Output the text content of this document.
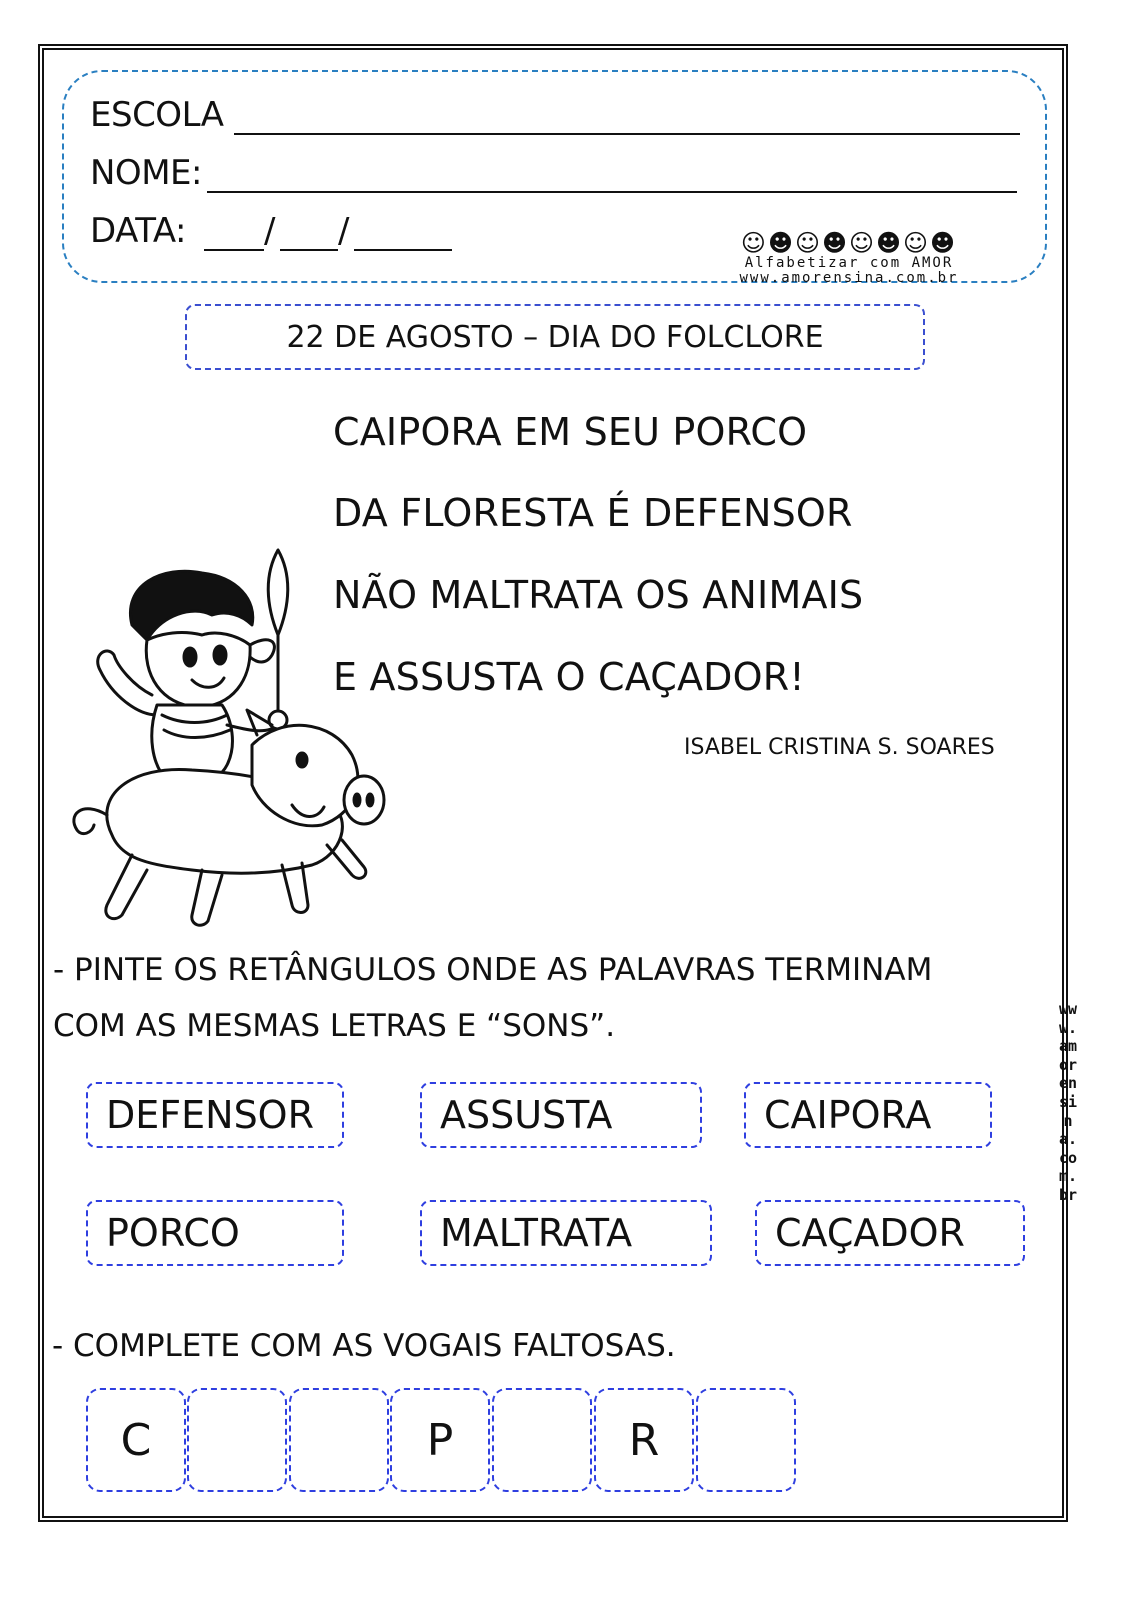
ESCOLA
NOME:
DATA: / /	☺☻☺☻☺☻☺☻
Alfabetizar com AMOR
www.amorensina.com.br
22 DE AGOSTO – DIA DO FOLCLORE
CAIPORA EM SEU PORCO
DA FLORESTA É DEFENSOR
NÃO MALTRATA OS ANIMAIS
E ASSUSTA O CAÇADOR!
ISABEL CRISTINA S. SOARES
- PINTE OS RETÂNGULOS ONDE AS PALAVRAS TERMINAM
COM AS MESMAS LETRAS E “SONS”.
DEFENSOR	ASSUSTA	CAIPORA
PORCO	MALTRATA	CAÇADOR
- COMPLETE COM AS VOGAIS FALTOSAS.
C	P	R
www.amorensina.com.br
